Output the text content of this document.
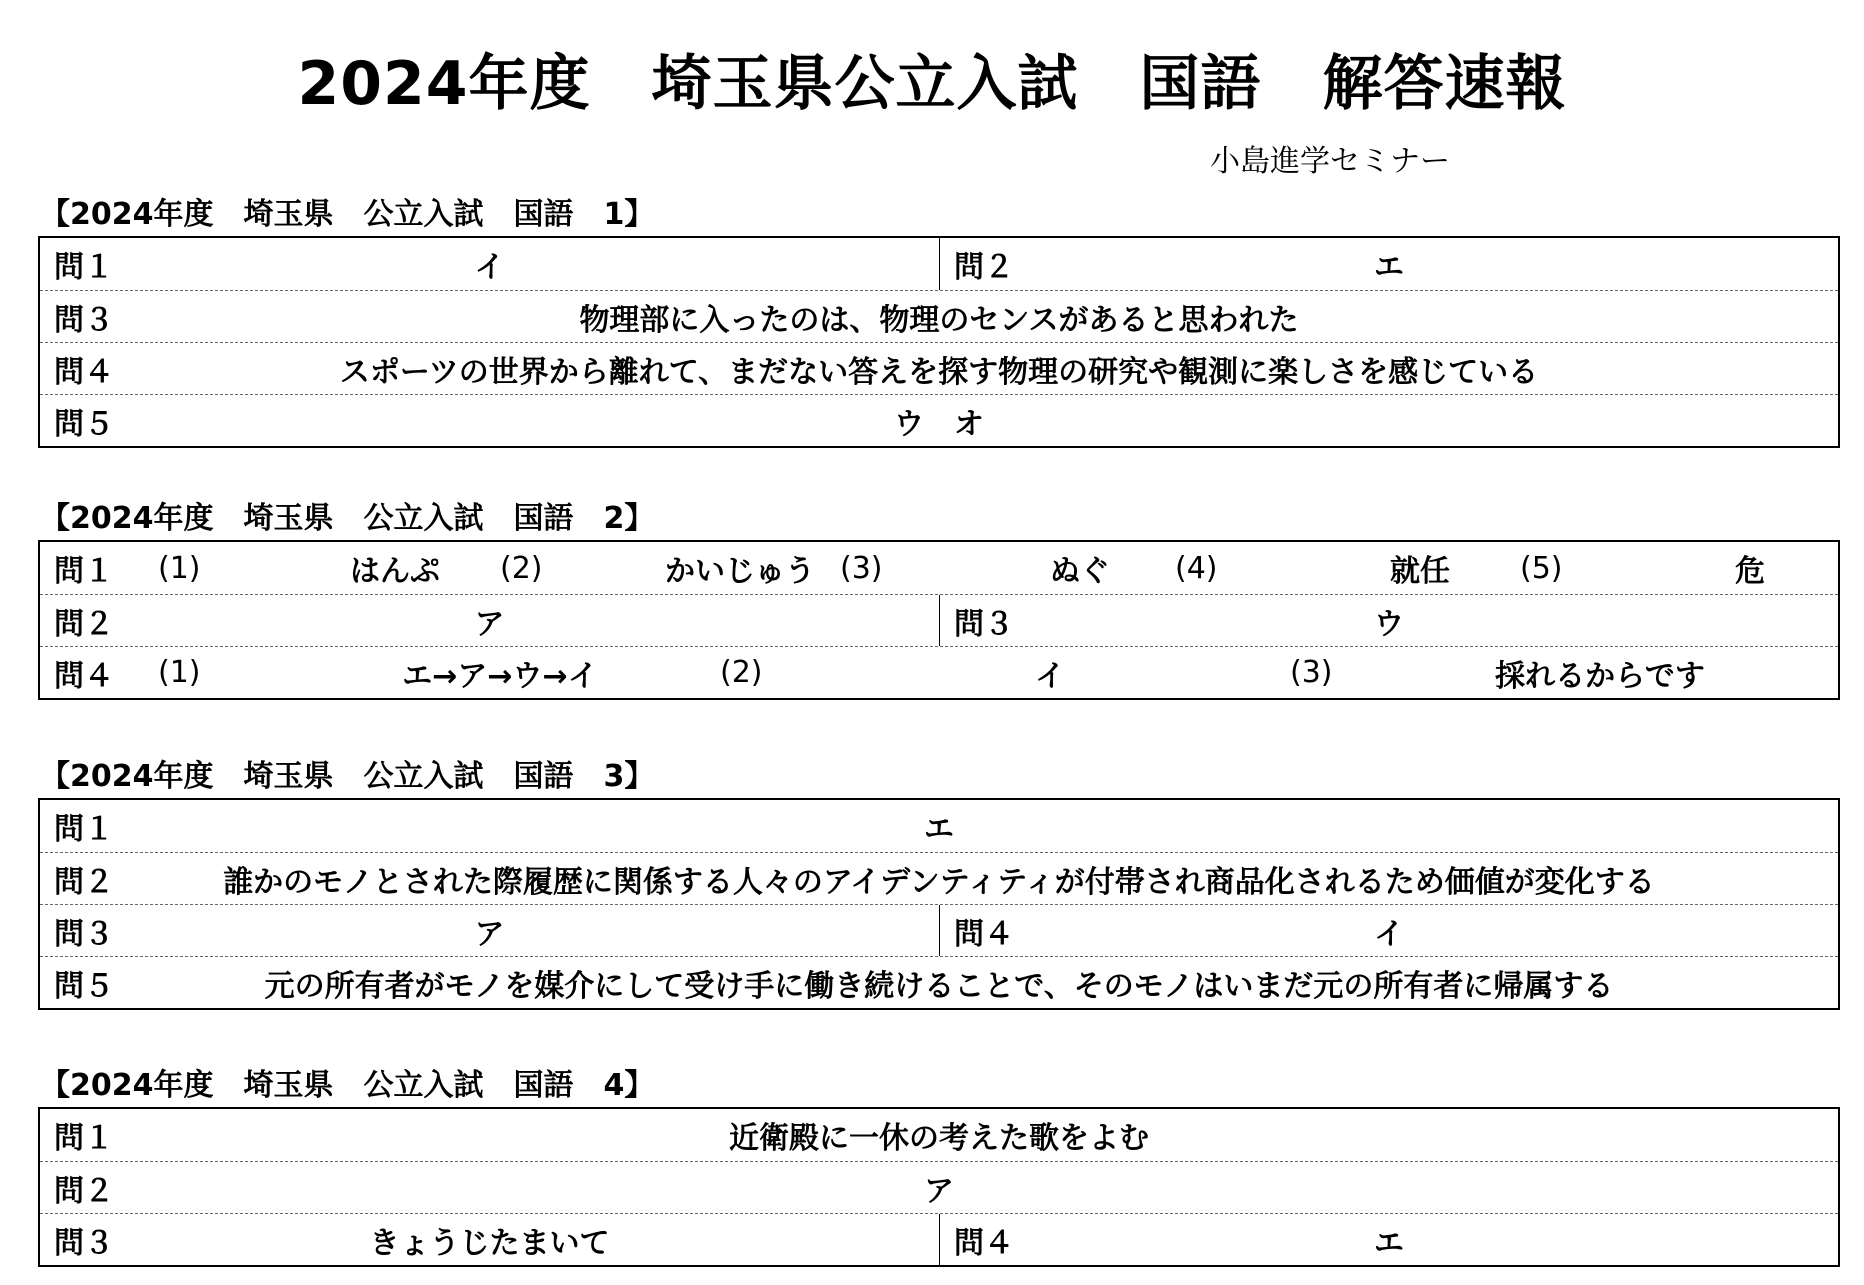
2024年度　埼玉県公立入試　国語　解答速報
小島進学セミナー
【2024年度　埼玉県　公立入試　国語　1】
問１	イ	問２	エ
問３	物理部に入ったのは、物理のセンスがあると思われた
問４	スポーツの世界から離れて、まだない答えを探す物理の研究や観測に楽しさを感じている
問５	ウ　オ
【2024年度　埼玉県　公立入試　国語　2】
問１ (1)	はんぷ	(2)	かいじゅう (3)	ぬぐ	(4)	就任	(5)	危
問２	ア	問３	ウ
問４ (1)	エ→ア→ウ→イ	(2)	イ	(3)	採れるからです
【2024年度　埼玉県　公立入試　国語　3】
問１	エ
問２	誰かのモノとされた際履歴に関係する人々のアイデンティティが付帯され商品化されるため価値が変化する
問３	ア	問４	イ
問５	元の所有者がモノを媒介にして受け手に働き続けることで、そのモノはいまだ元の所有者に帰属する
【2024年度　埼玉県　公立入試　国語　4】
問１	近衛殿に一休の考えた歌をよむ
問２	ア
問３	きょうじたまいて	問４	エ
